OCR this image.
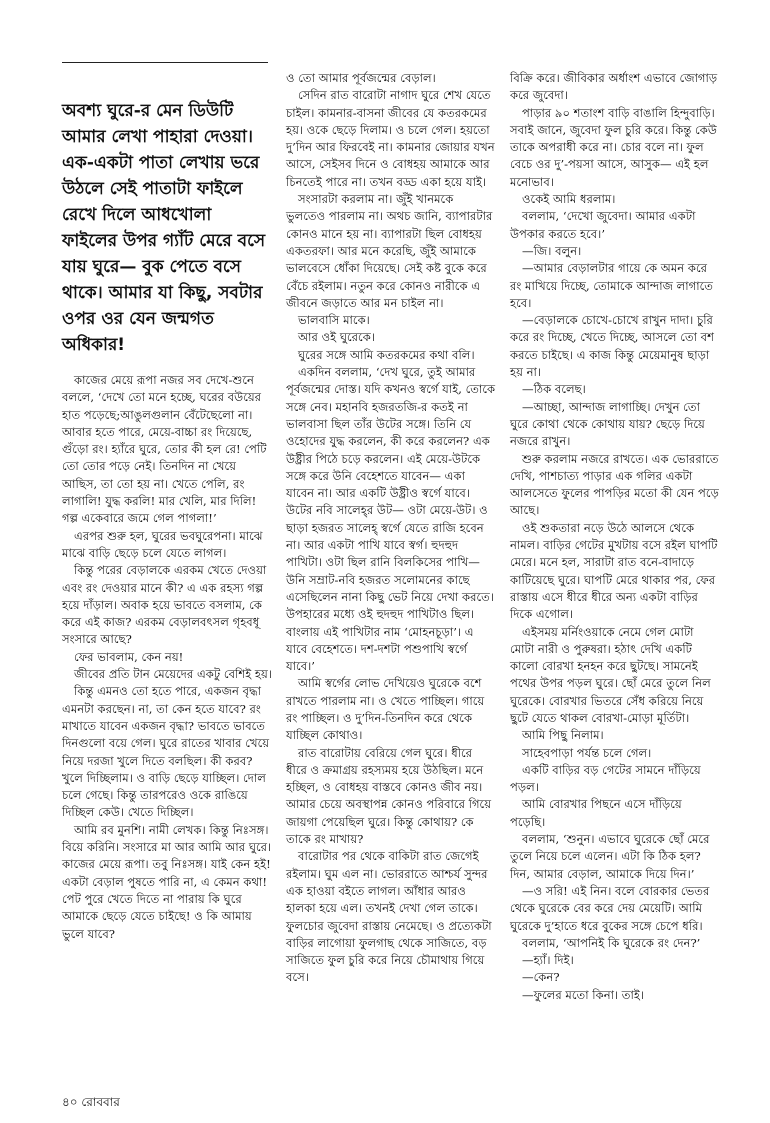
অবশ্য ঘুরে-র মেন ডিউটি আমার লেখা পাহারা দেওয়া। এক-একটা পাতা লেখায় ভরে উঠলে সেই পাতাটা ফাইলে রেখে দিলে আধখোলা ফাইলের উপর গ্যাঁট মেরে বসে যায় ঘুরে— বুক পেতে বসে থাকে। আমার যা কিছু, সবটার ওপর ওর যেন জন্মগত অধিকার!

কাজের মেয়ে রূপা নজর সব দেখে-শুনে বললে, ‘দেখে তো মনে হচ্ছে, ঘরের বউয়ের হাত পড়েছে;আঙুলগুলান বেঁটেছেলো না। আবার হতে পারে, মেয়ে-বাচ্চা রং দিয়েছে, গুঁড়ো রং। হ্যাঁরে ঘুরে, তোর কী হল রে! পেটি তো তোর পড়ে নেই। তিনদিন না খেয়ে আছিস, তা তো হয় না। খেতে পেলি, রং লাগালি! যুদ্ধ করলি! মার খেলি, মার দিলি! গল্প একেবারে জমে গেল পাগলা!’

এরপর শুরু হল, ঘুরের ভবঘুরেপনা। মাঝে মাঝে বাড়ি ছেড়ে চলে যেতে লাগল।

কিন্তু পরের বেড়ালকে এরকম খেতে দেওয়া এবং রং দেওয়ার মানে কী? এ এক রহস্য গল্প হয়ে দাঁড়াল। অবাক হয়ে ভাবতে বসলাম, কে করে এই কাজ? এরকম বেড়ালবৎসল গৃহবধূ সংসারে আছে?

ফের ভাবলাম, কেন নয়!

জীবের প্রতি টান মেয়েদের একটু বেশিই হয়।

কিন্তু এমনও তো হতে পারে, একজন বৃদ্ধা এমনটা করছেন। না, তা কেন হতে যাবে? রং মাখাতে যাবেন একজন বৃদ্ধা? ভাবতে ভাবতে দিনগুলো বয়ে গেল। ঘুরে রাতের খাবার খেয়ে নিয়ে দরজা খুলে দিতে বলছিল। কী করব? খুলে দিচ্ছিলাম। ও বাড়ি ছেড়ে যাচ্ছিল। দোল চলে গেছে। কিন্তু তারপরেও ওকে রাঙিয়ে দিচ্ছিল কেউ। খেতে দিচ্ছিল।

আমি রব মুনশি। নামী লেখক। কিন্তু নিঃসঙ্গ। বিয়ে করিনি। সংসারে মা আর আমি আর ঘুরে। কাজের মেয়ে রূপা। তবু নিঃসঙ্গ। যাই কেন হই! একটা বেড়াল পুষতে পারি না, এ কেমন কথা! পেট পুরে খেতে দিতে না পারায় কি ঘুরে আমাকে ছেড়ে যেতে চাইছে! ও কি আমায় ভুলে যাবে?

ও তো আমার পূর্বজন্মের বেড়াল।

সেদিন রাত বারোটা নাগাদ ঘুরে শেখ যেতে চাইল। কামনার-বাসনা জীবের যে কতরকমের হয়। ওকে ছেড়ে দিলাম। ও চলে গেল। হয়তো দু’দিন আর ফিরবেই না। কামনার জোয়ার যখন আসে, সেইসব দিনে ও বোধহয় আমাকে আর চিনতেই পারে না। তখন বড্ড একা হয়ে যাই।

সংসারটা করলাম না। জুঁই খানমকে ভুলতেও পারলাম না। অথচ জানি, ব্যাপারটার কোনও মানে হয় না। ব্যাপারটা ছিল বোধহয় একতরফা। আর মনে করেছি, জুঁই আমাকে ভালবেসে ধোঁকা দিয়েছে। সেই কষ্ট বুকে করে বেঁচে রইলাম। নতুন করে কোনও নারীকে এ জীবনে জড়াতে আর মন চাইল না।

ভালবাসি মাকে।

আর ওই ঘুরেকে।

ঘুরের সঙ্গে আমি কতরকমের কথা বলি।

একদিন বললাম, ‘দেখ ঘুরে, তুই আমার পূর্বজন্মের দোস্ত। যদি কখনও স্বর্গে যাই, তোকে সঙ্গে নেব। মহানবি হজরতজি-র কতই না ভালবাসা ছিল তাঁর উটের সঙ্গে। তিনি যে ওহোদের যুদ্ধ করলেন, কী করে করলেন? এক উষ্ট্রীর পিঠে চড়ে করলেন। এই মেয়ে-উটকে সঙ্গে করে উনি বেহেশতে যাবেন— একা যাবেন না। আর একটি উষ্ট্রীও স্বর্গে যাবে। উটের নবি সালেহ্‌র উট— ওটা মেয়ে-উট। ও ছাড়া হজরত সালেহ্‌ স্বর্গে যেতে রাজি হবেন না। আর একটা পাখি যাবে স্বর্গ। হুদহুদ পাখিটা। ওটা ছিল রানি বিলকিসের পাখি— উনি সম্রাট-নবি হজরত সলোমনের কাছে এসেছিলেন নানা কিছু ভেট নিয়ে দেখা করতে। উপহারের মধ্যে ওই হুদহুদ পাখিটাও ছিল। বাংলায় এই পাখিটার নাম ‘মোহনচূড়া’। এ যাবে বেহেশতে। দশ-দশটা পশুপাখি স্বর্গে যাবে।’

আমি স্বর্গের লোভ দেখিয়েও ঘুরেকে বশে রাখতে পারলাম না। ও খেতে পাচ্ছিল। গায়ে রং পাচ্ছিল। ও দু’দিন-তিনদিন করে থেকে যাচ্ছিল কোথাও।

রাত বারোটায় বেরিয়ে গেল ঘুরে। ধীরে ধীরে ও ক্রমাগ্রয় রহস্যময় হয়ে উঠছিল। মনে হচ্ছিল, ও বোধহয় বাস্তবে কোনও জীব নয়। আমার চেয়ে অবস্থাপন্ন কোনও পরিবারে গিয়ে জায়গা পেয়েছিল ঘুরে। কিন্তু কোথায়? কে তাকে রং মাখায়?

বারোটার পর থেকে বাকিটা রাত জেগেই রইলাম। ঘুম এল না। ভোররাতে আশ্চর্য সুন্দর এক হাওয়া বইতে লাগল। আঁধার আরও হালকা হয়ে এল। তখনই দেখা গেল তাকে। ফুলচোর জুবেদা রাস্তায় নেমেছে। ও প্রত্যেকটা বাড়ির লাগোয়া ফুলগাছ থেকে সাজিতে, বড় সাজিতে ফুল চুরি করে নিয়ে চৌমাথায় গিয়ে বসে।

বিক্রি করে। জীবিকার অর্ধাংশ এভাবে জোগাড় করে জুবেদা।

পাড়ার ৯০ শতাংশ বাড়ি বাঙালি হিন্দুবাড়ি। সবাই জানে, জুবেদা ফুল চুরি করে। কিন্তু কেউ তাকে অপরাধী করে না। চোর বলে না। ফুল বেচে ওর দু’-পয়সা আসে, আসুক— এই হল মনোভাব।

ওকেই আমি ধরলাম।

বললাম, ‘দেখো জুবেদা। আমার একটা উপকার করতে হবে।’

—জি। বলুন।

—আমার বেড়ালটার গায়ে কে অমন করে রং মাখিয়ে দিচ্ছে, তোমাকে আন্দাজ লাগাতে হবে।

—বেড়ালকে চোখে-চোখে রাখুন দাদা। চুরি করে রং দিচ্ছে, খেতে দিচ্ছে, আসলে তো বশ করতে চাইছে। এ কাজ কিন্তু মেয়েমানুষ ছাড়া হয় না।

—ঠিক বলেছ।

—আচ্ছা, আন্দাজ লাগাচ্ছি। দেখুন তো ঘুরে কোথা থেকে কোথায় যায়? ছেড়ে দিয়ে নজরে রাখুন।

শুরু করলাম নজরে রাখতে। এক ভোররাতে দেখি, পাশচাত্য পাড়ার এক গলির একটা আলসেতে ফুলের পাপড়ির মতো কী যেন পড়ে আছে।

ওই শুকতারা নড়ে উঠে আলসে থেকে নামল। বাড়ির গেটের মুখটায় বসে রইল ঘাপটি মেরে। মনে হল, সারাটা রাত বনে-বাদাড়ে কাটিয়েছে ঘুরে। ঘাপটি মেরে থাকার পর, ফের রাস্তায় এসে ধীরে ধীরে অন্য একটা বাড়ির দিকে এগোল।

এইসময় মর্নিংওয়াকে নেমে গেল মোটা মোটা নারী ও পুরুষরা। হঠাৎ দেখি একটি কালো বোরখা হনহন করে ছুটছে। সামনেই পথের উপর পড়ল ঘুরে। ছোঁ মেরে তুলে নিল ঘুরেকে। বোরখার ভিতরে সেঁধ করিয়ে নিয়ে ছুটে যেতে থাকল বোরখা-মোড়া মূর্তিটা।

আমি পিছু নিলাম।

সাহেবপাড়া পর্যন্ত চলে গেল।

একটি বাড়ির বড় গেটের সামনে দাঁড়িয়ে পড়ল।

আমি বোরখার পিছনে এসে দাঁড়িয়ে পড়েছি।

বললাম, ‘শুনুন। এভাবে ঘুরেকে ছোঁ মেরে তুলে নিয়ে চলে এলেন। এটা কি ঠিক হল? দিন, আমার বেড়াল, আমাকে দিয়ে দিন।’

—ও সরি! এই নিন। বলে বোরকার ভেতর থেকে ঘুরেকে বের করে দেয় মেয়েটি। আমি ঘুরেকে দু’হাতে ধরে বুকের সঙ্গে চেপে ধরি।

বললাম, ‘আপনিই কি ঘুরেকে রং দেন?’

—হ্যাঁ। দিই।

—কেন?

—ফুলের মতো কিনা। তাই।

৪০ রোববার
